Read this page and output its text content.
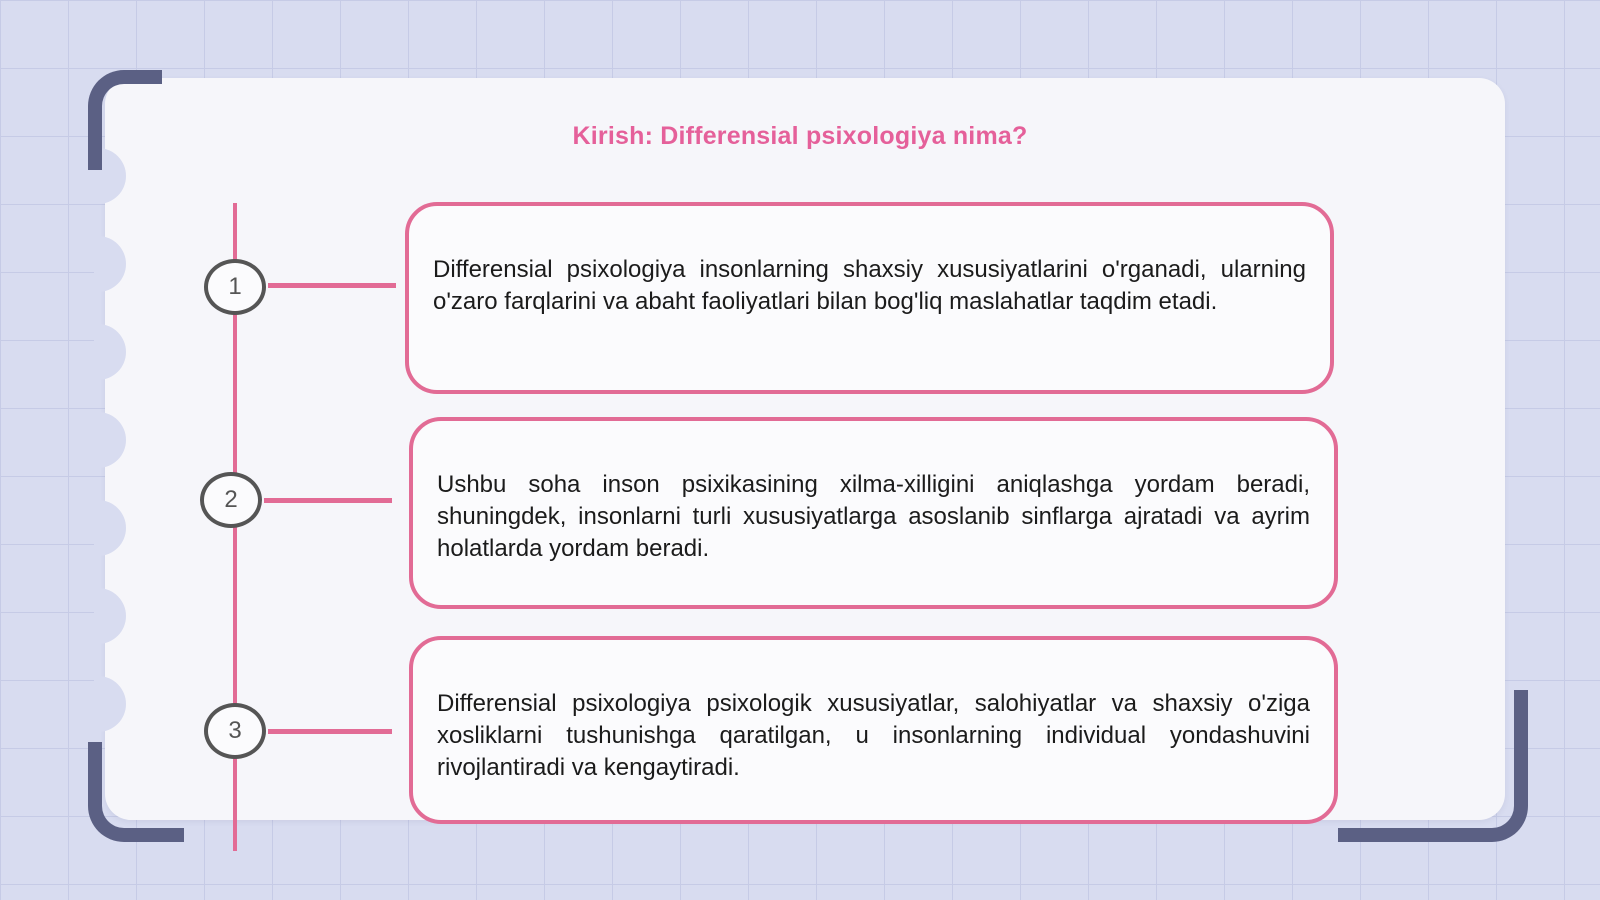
Kirish: Differensial psixologiya nima?
1

Differensial psixologiya insonlarning shaxsiy xususiyatlarini o'rganadi, ularning o'zaro farqlarini va abaht faoliyatlari bilan bog'liq maslahatlar taqdim etadi.

2

Ushbu soha inson psixikasining xilma-xilligini aniqlashga yordam beradi, shuningdek, insonlarni turli xususiyatlarga asoslanib sinflarga ajratadi va ayrim holatlarda yordam beradi.

3

Differensial psixologiya psixologik xususiyatlar, salohiyatlar va shaxsiy o'ziga xosliklarni tushunishga qaratilgan, u insonlarning individual yondashuvini rivojlantiradi va kengaytiradi.
